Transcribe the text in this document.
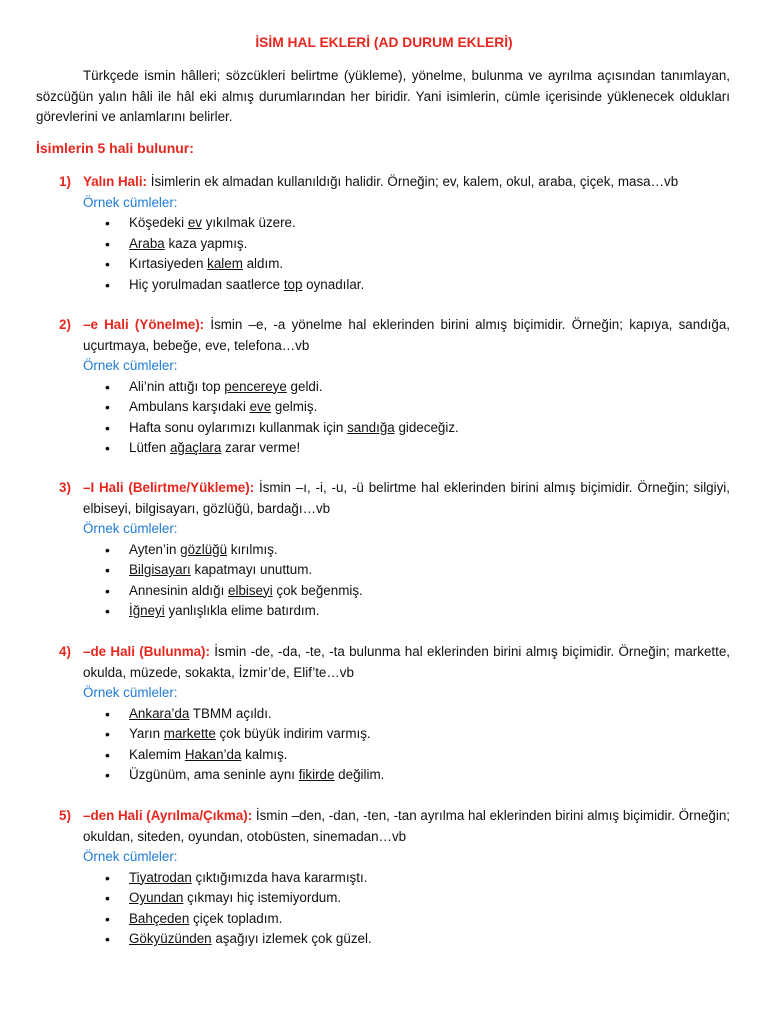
İSİM HAL EKLERİ (AD DURUM EKLERİ)
Türkçede ismin hâlleri; sözcükleri belirtme (yükleme), yönelme, bulunma ve ayrılma açısından tanımlayan, sözcüğün yalın hâli ile hâl eki almış durumlarından her biridir. Yani isimlerin, cümle içerisinde yüklenecek oldukları görevlerini ve anlamlarını belirler.
İsimlerin 5 hali bulunur:
1) Yalın Hali: İsimlerin ek almadan kullanıldığı halidir. Örneğin; ev, kalem, okul, araba, çiçek, masa…vb
Örnek cümleler:
• Köşedeki ev yıkılmak üzere.
• Araba kaza yapmış.
• Kırtasiyeden kalem aldım.
• Hiç yorulmadan saatlerce top oynadılar.
2) –e Hali (Yönelme): İsmin –e, -a yönelme hal eklerinden birini almış biçimidir. Örneğin; kapıya, sandığa, uçurtmaya, bebeğe, eve, telefona…vb
Örnek cümleler:
• Ali’nin attığı top pencereye geldi.
• Ambulans karşıdaki eve gelmiş.
• Hafta sonu oylarımızı kullanmak için sandığa gideceğiz.
• Lütfen ağaçlara zarar verme!
3) –I Hali (Belirtme/Yükleme): İsmin –ı, -i, -u, -ü belirtme hal eklerinden birini almış biçimidir. Örneğin; silgiyi, elbiseyi, bilgisayarı, gözlüğü, bardağı…vb
Örnek cümleler:
• Ayten’in gözlüğü kırılmış.
• Bilgisayarı kapatmayı unuttum.
• Annesinin aldığı elbiseyi çok beğenmiş.
• İğneyi yanlışlıkla elime batırdım.
4) –de Hali (Bulunma): İsmin -de, -da, -te, -ta bulunma hal eklerinden birini almış biçimidir. Örneğin; markette, okulda, müzede, sokakta, İzmir’de, Elif’te…vb
Örnek cümleler:
• Ankara’da TBMM açıldı.
• Yarın markette çok büyük indirim varmış.
• Kalemim Hakan’da kalmış.
• Üzgünüm, ama seninle aynı fikirde değilim.
5) –den Hali (Ayrılma/Çıkma): İsmin –den, -dan, -ten, -tan ayrılma hal eklerinden birini almış biçimidir. Örneğin; okuldan, siteden, oyundan, otobüsten, sinemadan…vb
Örnek cümleler:
• Tiyatrodan çıktığımızda hava kararmıştı.
• Oyundan çıkmayı hiç istemiyordum.
• Bahçeden çiçek topladım.
• Gökyüzünden aşağıyı izlemek çok güzel.
